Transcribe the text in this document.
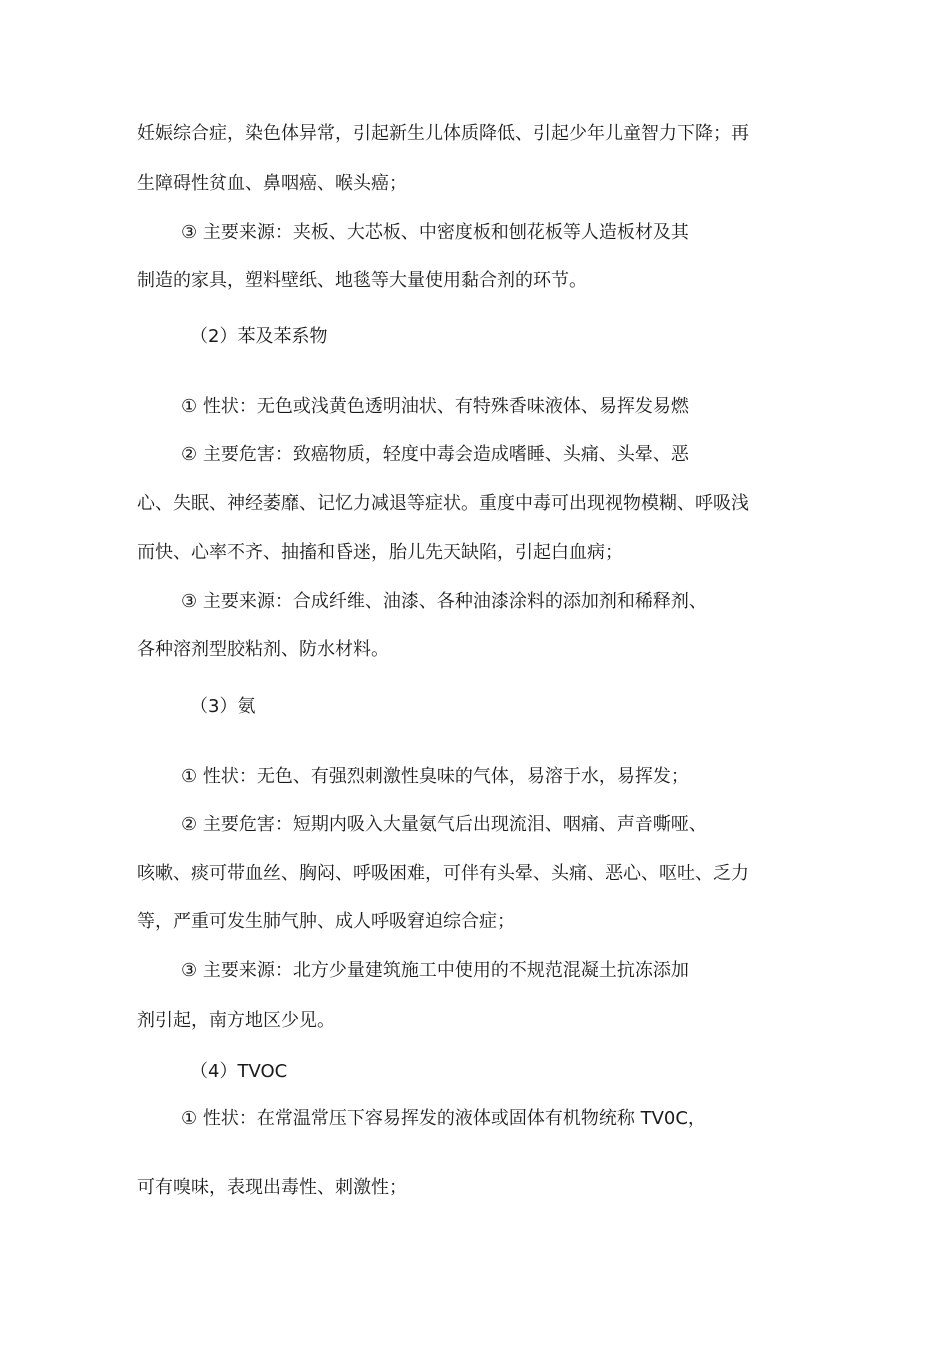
妊娠综合症，染色体异常，引起新生儿体质降低、引起少年儿童智力下降；再
生障碍性贫血、鼻咽癌、喉头癌；
③ 主要来源：夹板、大芯板、中密度板和刨花板等人造板材及其
制造的家具，塑料壁纸、地毯等大量使用黏合剂的环节。
（2）苯及苯系物
① 性状：无色或浅黄色透明油状、有特殊香味液体、易挥发易燃
② 主要危害：致癌物质，轻度中毒会造成嗜睡、头痛、头晕、恶
心、失眠、神经萎靡、记忆力减退等症状。重度中毒可出现视物模糊、呼吸浅
而快、心率不齐、抽搐和昏迷，胎儿先天缺陷，引起白血病；
③ 主要来源：合成纤维、油漆、各种油漆涂料的添加剂和稀释剂、
各种溶剂型胶粘剂、防水材料。
（3）氨
① 性状：无色、有强烈刺激性臭味的气体，易溶于水，易挥发；
② 主要危害：短期内吸入大量氨气后出现流泪、咽痛、声音嘶哑、
咳嗽、痰可带血丝、胸闷、呼吸困难，可伴有头晕、头痛、恶心、呕吐、乏力
等，严重可发生肺气肿、成人呼吸窘迫综合症；
③ 主要来源：北方少量建筑施工中使用的不规范混凝土抗冻添加
剂引起，南方地区少见。
（4）TVOC
① 性状：在常温常压下容易挥发的液体或固体有机物统称 TV0C，
可有嗅味，表现出毒性、刺激性；
